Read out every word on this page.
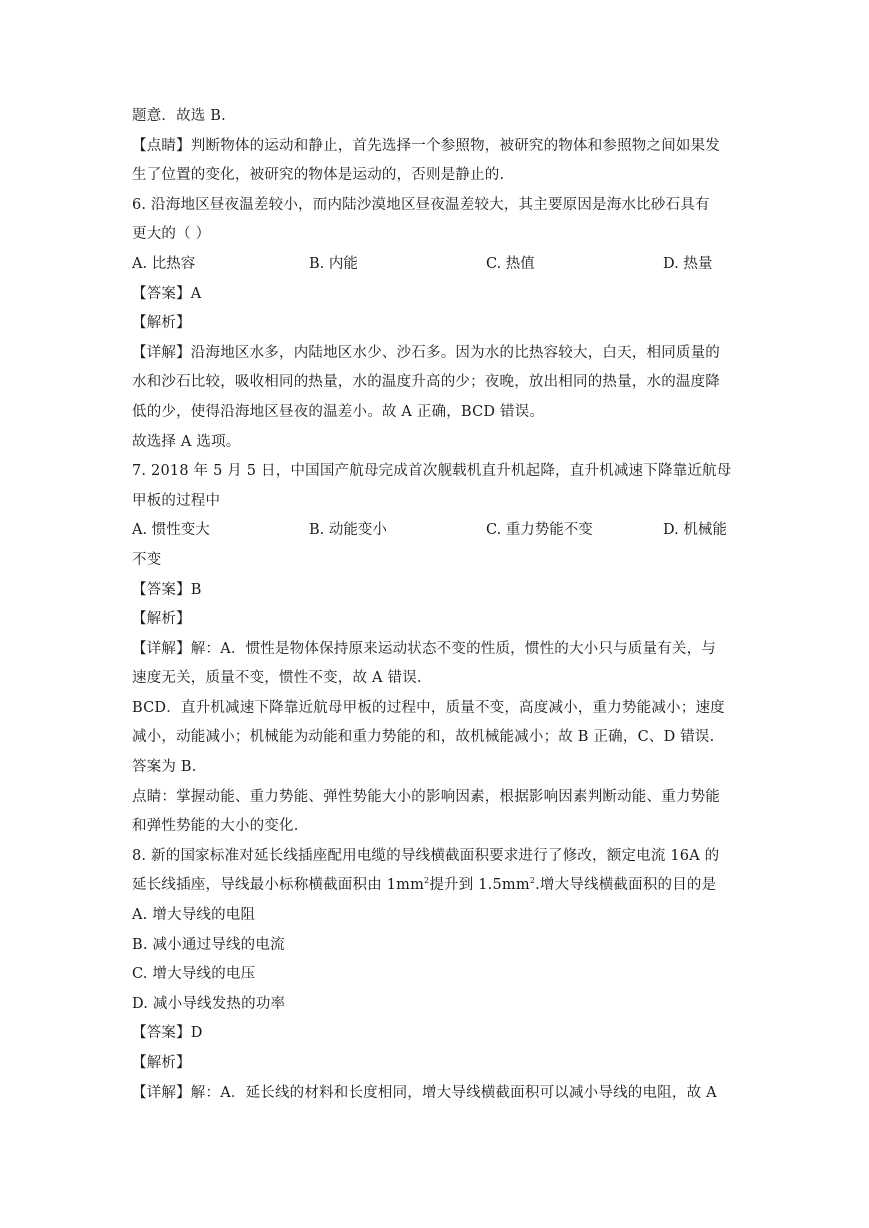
题意．故选 B.
【点睛】判断物体的运动和静止，首先选择一个参照物，被研究的物体和参照物之间如果发
生了位置的变化，被研究的物体是运动的，否则是静止的.
6. 沿海地区昼夜温差较小，而内陆沙漠地区昼夜温差较大，其主要原因是海水比砂石具有
更大的（ ）
A. 比热容	B. 内能	C. 热值	D. 热量
【答案】A
【解析】
【详解】沿海地区水多，内陆地区水少、沙石多。因为水的比热容较大，白天，相同质量的
水和沙石比较，吸收相同的热量，水的温度升高的少；夜晚，放出相同的热量，水的温度降
低的少，使得沿海地区昼夜的温差小。故 A 正确，BCD 错误。
故选择 A 选项。
7. 2018 年 5 月 5 日，中国国产航母完成首次舰载机直升机起降，直升机减速下降靠近航母
甲板的过程中
A. 惯性变大	B. 动能变小	C. 重力势能不变	D. 机械能
不变
【答案】B
【解析】
【详解】解：A．惯性是物体保持原来运动状态不变的性质，惯性的大小只与质量有关，与
速度无关，质量不变，惯性不变，故 A 错误.
BCD．直升机减速下降靠近航母甲板的过程中，质量不变，高度减小，重力势能减小；速度
减小，动能减小；机械能为动能和重力势能的和，故机械能减小；故 B 正确，C、D 错误.
答案为 B.
点睛：掌握动能、重力势能、弹性势能大小的影响因素，根据影响因素判断动能、重力势能
和弹性势能的大小的变化.
8. 新的国家标准对延长线插座配用电缆的导线横截面积要求进行了修改，额定电流 16A 的
延长线插座，导线最小标称横截面积由 $1mm^2$提升到 $1.5mm^2$.增大导线横截面积的目的是
A. 增大导线的电阻
B. 减小通过导线的电流
C. 增大导线的电压
D. 减小导线发热的功率
【答案】D
【解析】
【详解】解：A．延长线的材料和长度相同，增大导线横截面积可以减小导线的电阻，故 A
